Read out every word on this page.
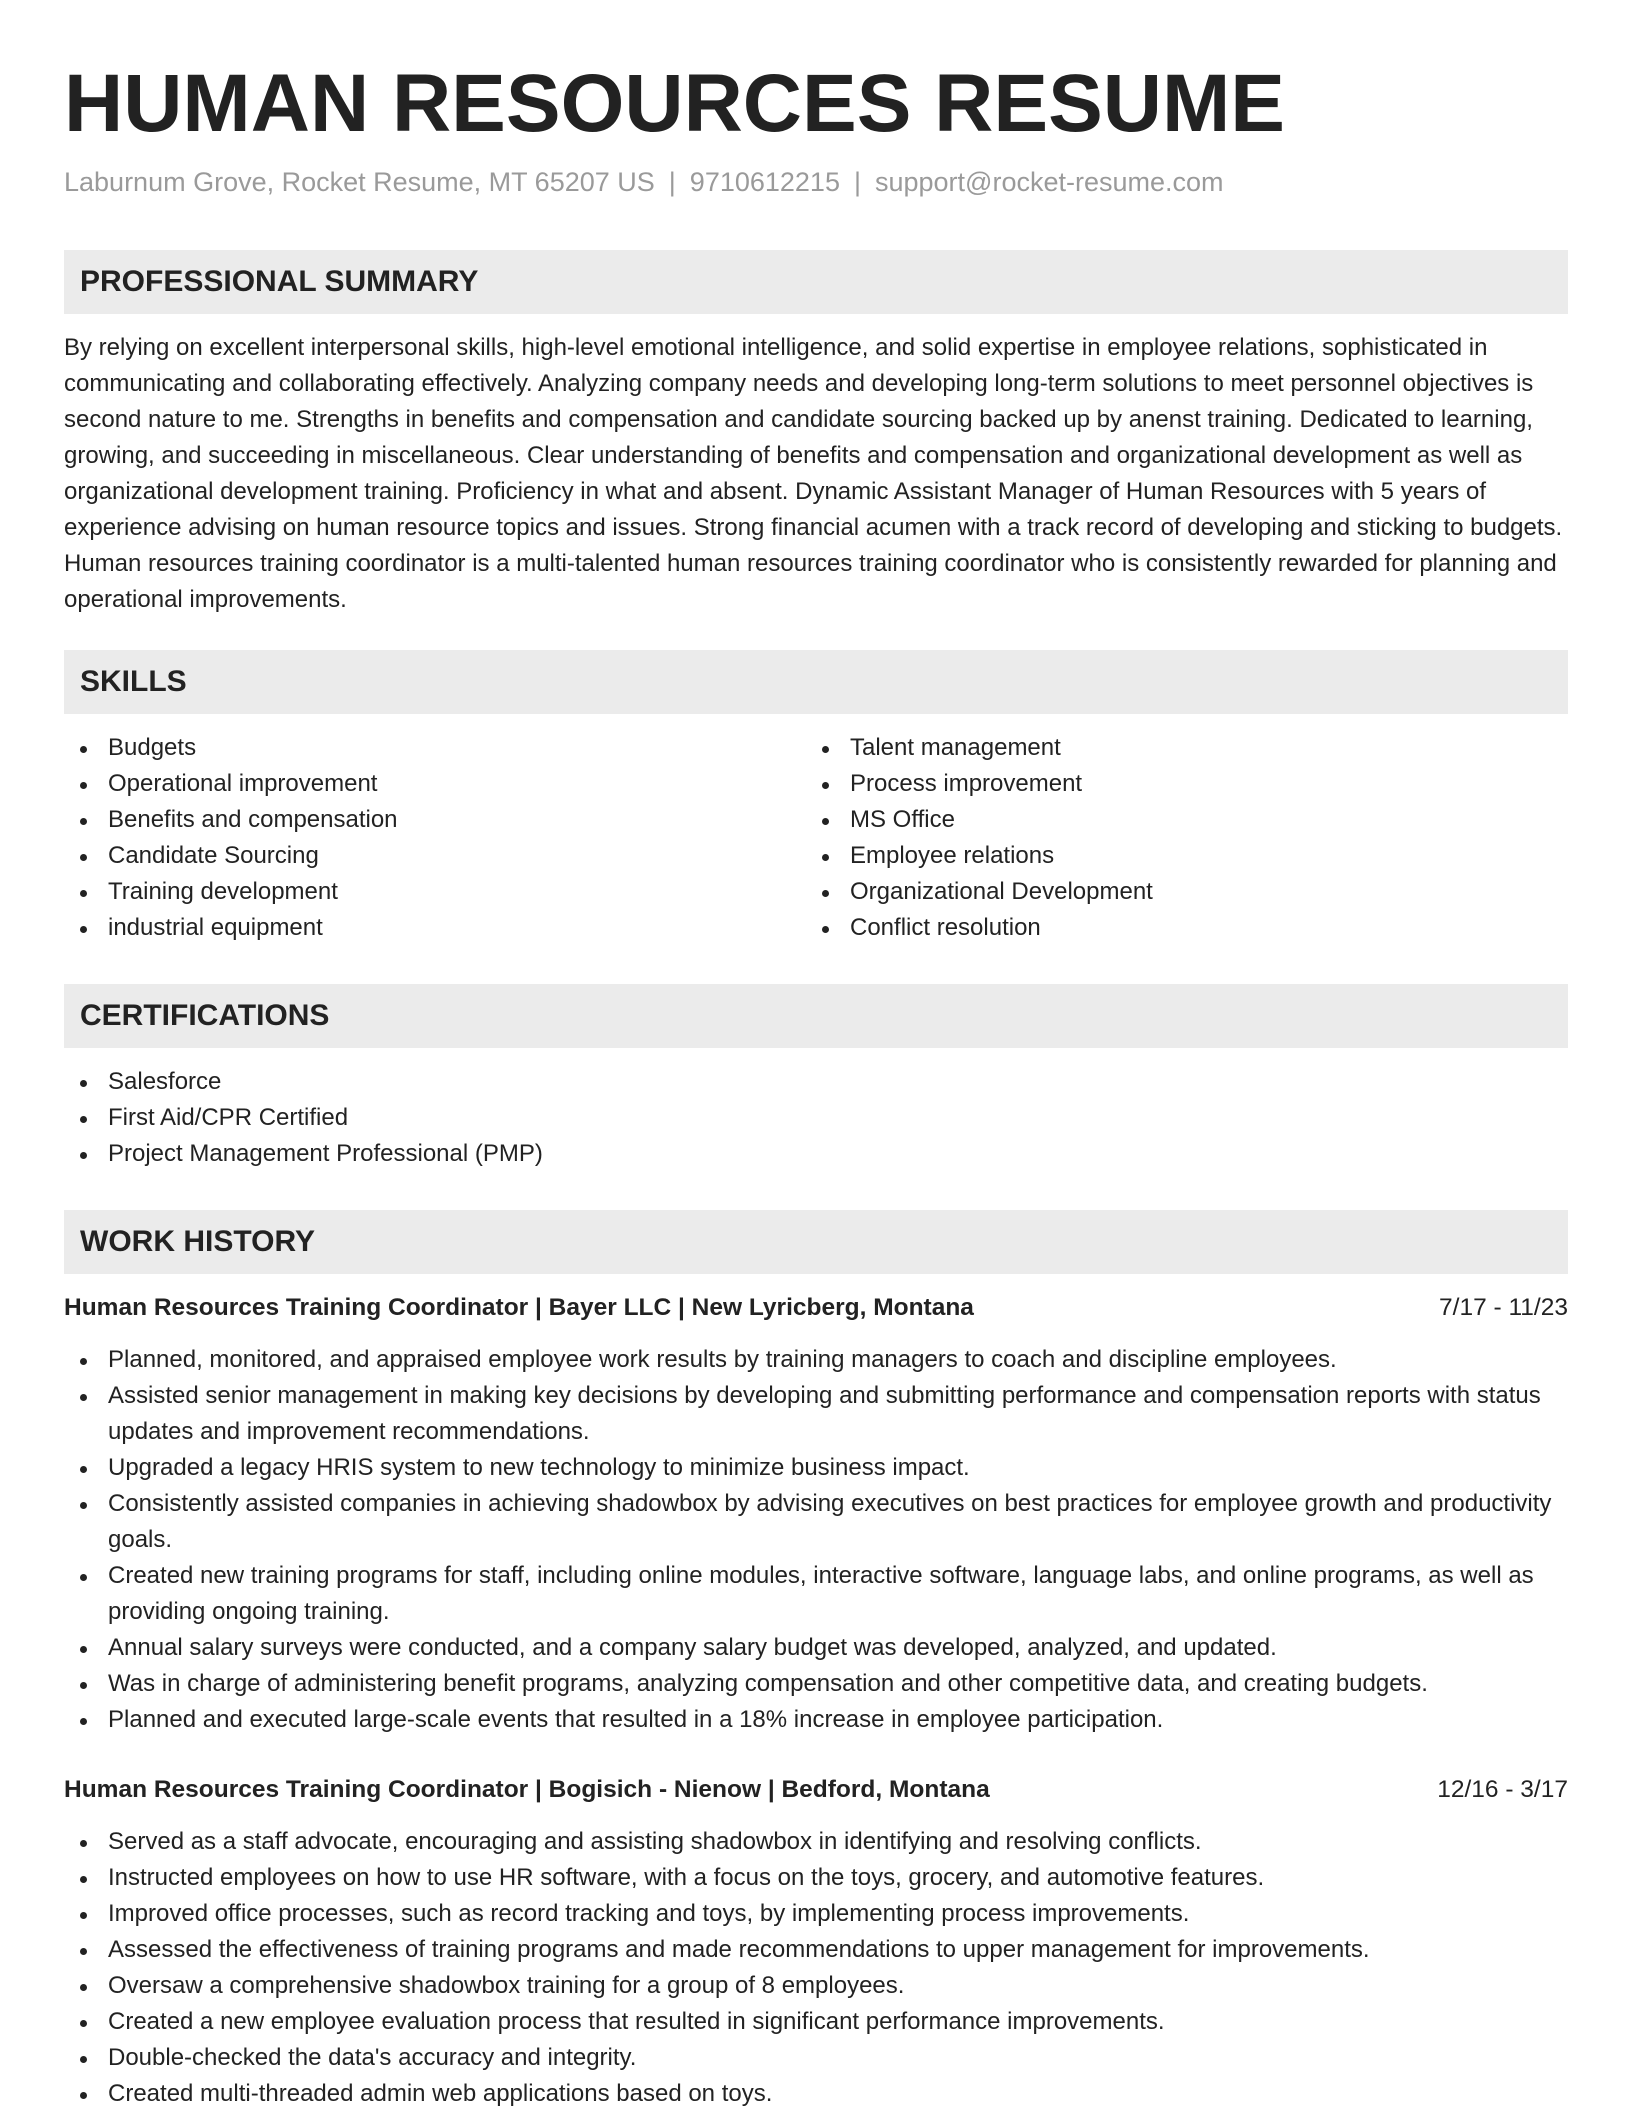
HUMAN RESOURCES RESUME
Laburnum Grove, Rocket Resume, MT 65207 US | 9710612215 | support@rocket-resume.com
PROFESSIONAL SUMMARY

By relying on excellent interpersonal skills, high-level emotional intelligence, and solid expertise in employee relations, sophisticated in communicating and collaborating effectively. Analyzing company needs and developing long-term solutions to meet personnel objectives is second nature to me. Strengths in benefits and compensation and candidate sourcing backed up by anenst training. Dedicated to learning, growing, and succeeding in miscellaneous. Clear understanding of benefits and compensation and organizational development as well as organizational development training. Proficiency in what and absent. Dynamic Assistant Manager of Human Resources with 5 years of experience advising on human resource topics and issues. Strong financial acumen with a track record of developing and sticking to budgets. Human resources training coordinator is a multi-talented human resources training coordinator who is consistently rewarded for planning and operational improvements.

SKILLS
Budgets
Operational improvement
Benefits and compensation
Candidate Sourcing
Training development
industrial equipment
Talent management
Process improvement
MS Office
Employee relations
Organizational Development
Conflict resolution
CERTIFICATIONS
Salesforce
First Aid/CPR Certified
Project Management Professional (PMP)
WORK HISTORY
Human Resources Training Coordinator | Bayer LLC | New Lyricberg, Montana	7/17 - 11/23
Planned, monitored, and appraised employee work results by training managers to coach and discipline employees.
Assisted senior management in making key decisions by developing and submitting performance and compensation reports with status updates and improvement recommendations.
Upgraded a legacy HRIS system to new technology to minimize business impact.
Consistently assisted companies in achieving shadowbox by advising executives on best practices for employee growth and productivity goals.
Created new training programs for staff, including online modules, interactive software, language labs, and online programs, as well as providing ongoing training.
Annual salary surveys were conducted, and a company salary budget was developed, analyzed, and updated.
Was in charge of administering benefit programs, analyzing compensation and other competitive data, and creating budgets.
Planned and executed large-scale events that resulted in a 18% increase in employee participation.
Human Resources Training Coordinator | Bogisich - Nienow | Bedford, Montana	12/16 - 3/17
Served as a staff advocate, encouraging and assisting shadowbox in identifying and resolving conflicts.
Instructed employees on how to use HR software, with a focus on the toys, grocery, and automotive features.
Improved office processes, such as record tracking and toys, by implementing process improvements.
Assessed the effectiveness of training programs and made recommendations to upper management for improvements.
Oversaw a comprehensive shadowbox training for a group of 8 employees.
Created a new employee evaluation process that resulted in significant performance improvements.
Double-checked the data's accuracy and integrity.
Created multi-threaded admin web applications based on toys.
